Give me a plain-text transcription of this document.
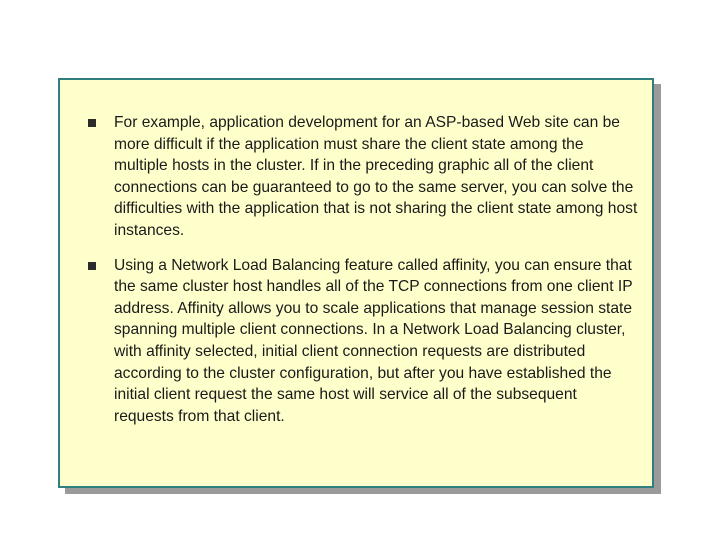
For example, application development for an ASP-based Web site can be more difficult if the application must share the client state among the multiple hosts in the cluster. If in the preceding graphic all of the client connections can be guaranteed to go to the same server, you can solve the difficulties with the application that is not sharing the client state among host instances.

Using a Network Load Balancing feature called affinity, you can ensure that the same cluster host handles all of the TCP connections from one client IP address. Affinity allows you to scale applications that manage session state spanning multiple client connections. In a Network Load Balancing cluster, with affinity selected, initial client connection requests are distributed according to the cluster configuration, but after you have established the initial client request the same host will service all of the subsequent requests from that client.
